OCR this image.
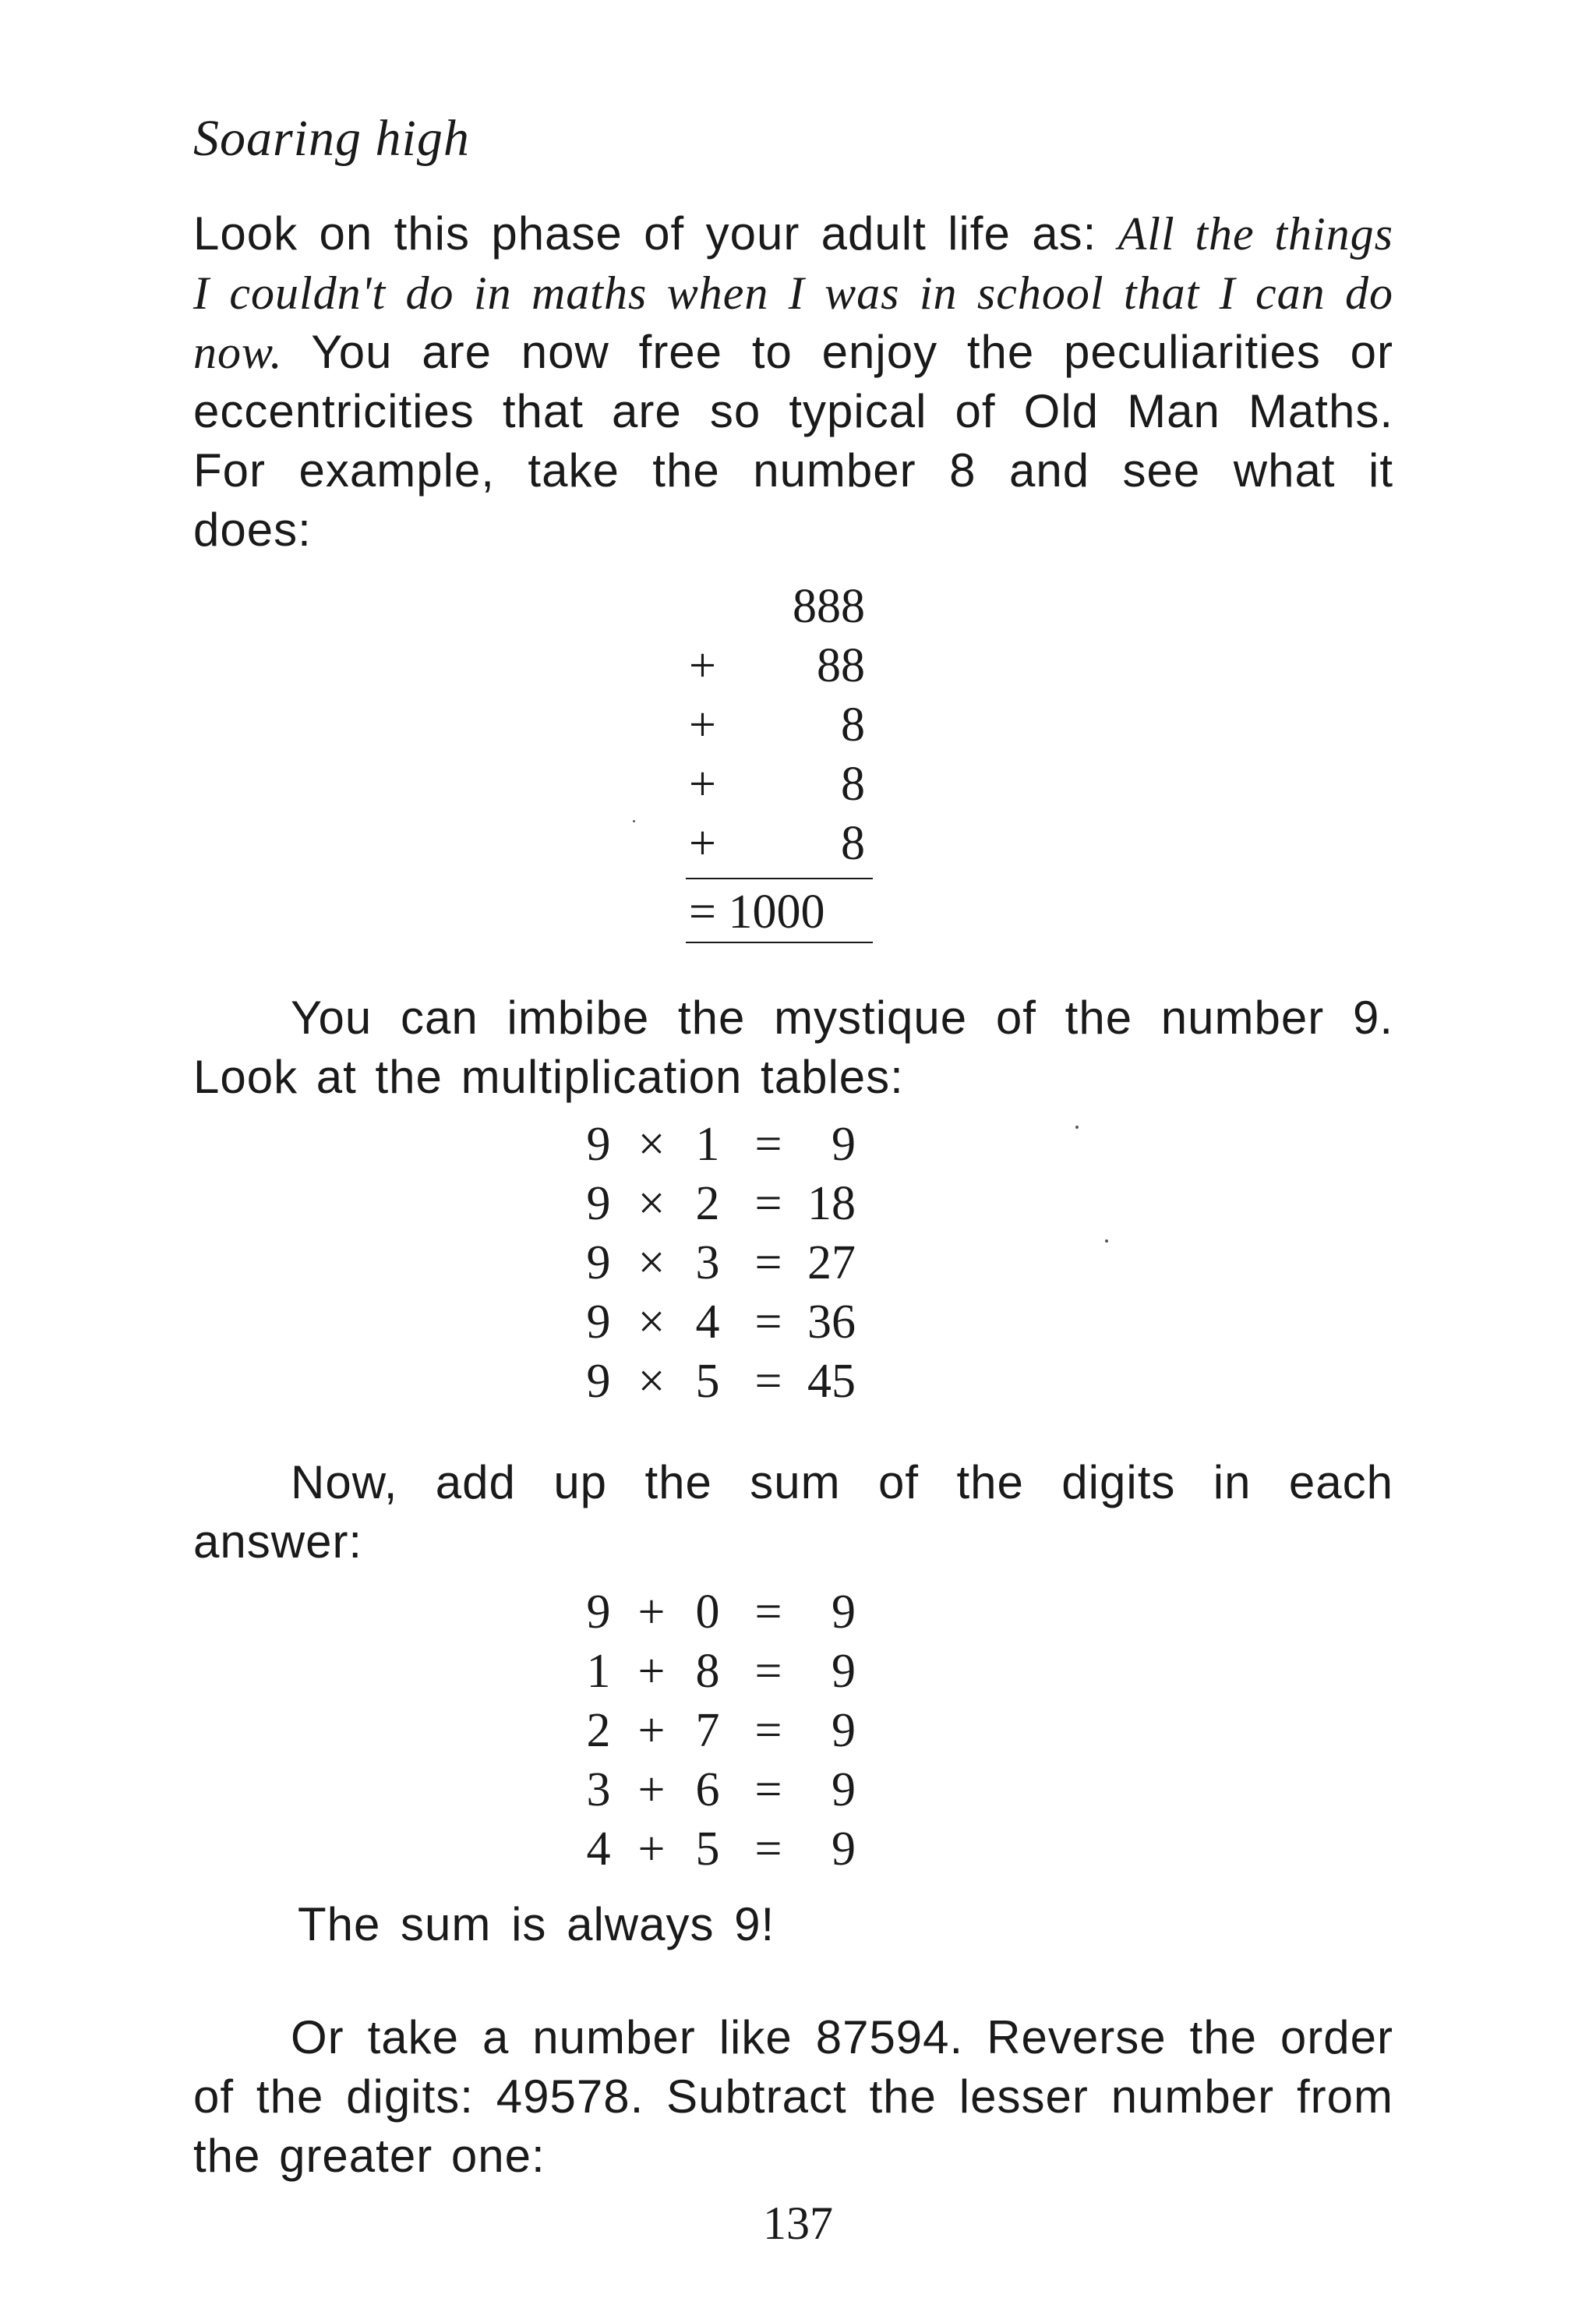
Soaring high
Look on this phase of your adult life as: All the things I couldn't do in maths when I was in school that I can do now. You are now free to enjoy the peculiarities or eccentricities that are so typical of Old Man Maths. For example, take the number 8 and see what it does:
888
+ 88
+	8
+	8
+	8
= 1000
You can imbibe the mystique of the number 9. Look at the multiplication tables:
9 × 1 =	9
9 × 2 = 18
9 × 3 = 27
9 × 4 = 36
9 × 5 = 45
Now, add up the sum of the digits in each answer:
9 + 0 =	9
1 + 8 =	9
2 + 7 =	9
3 + 6 =	9
4 + 5 =	9
The sum is always 9!
Or take a number like 87594. Reverse the order of the digits: 49578. Subtract the lesser number from the greater one:
137
